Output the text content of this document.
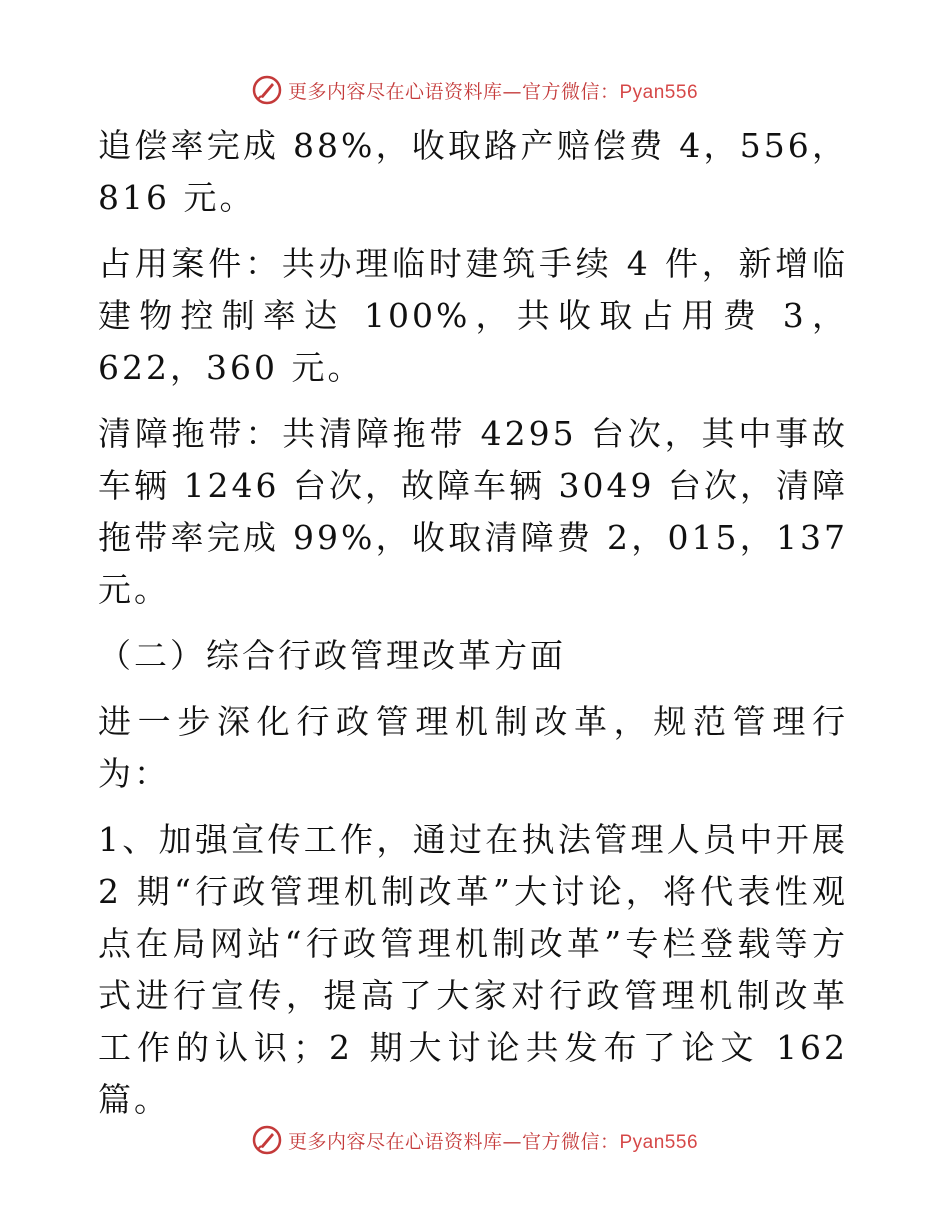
更多内容尽在心语资料库—官方微信：Pyan556

追偿率完成 88%，收取路产赔偿费 4，556，816 元。

占用案件：共办理临时建筑手续 4 件，新增临建物控制率达 100%，共收取占用费 3，622，360 元。

清障拖带：共清障拖带 4295 台次，其中事故车辆 1246 台次，故障车辆 3049 台次，清障拖带率完成 99%，收取清障费 2，015，137 元。

（二）综合行政管理改革方面

进一步深化行政管理机制改革，规范管理行为：

1、加强宣传工作，通过在执法管理人员中开展 2 期“行政管理机制改革”大讨论，将代表性观点在局网站“行政管理机制改革”专栏登载等方式进行宣传，提高了大家对行政管理机制改革工作的认识；2 期大讨论共发布了论文 162 篇。

更多内容尽在心语资料库—官方微信：Pyan556
